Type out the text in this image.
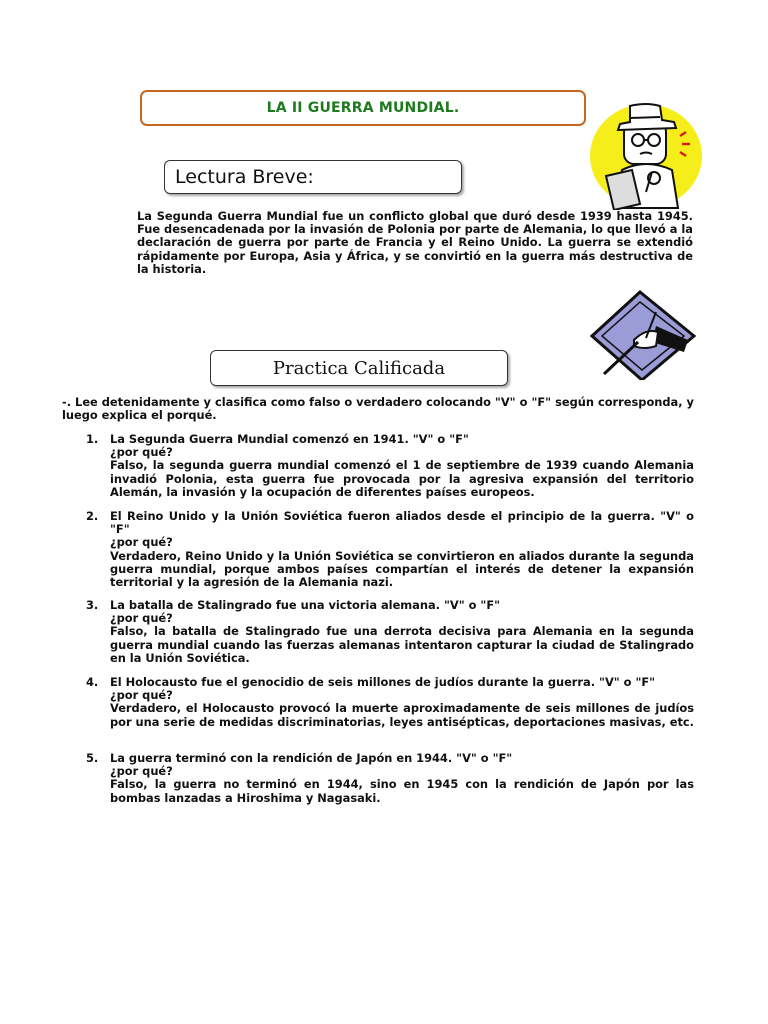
LA II GUERRA MUNDIAL.
Lectura Breve:
La Segunda Guerra Mundial fue un conflicto global que duró desde 1939 hasta 1945. Fue desencadenada por la invasión de Polonia por parte de Alemania, lo que llevó a la declaración de guerra por parte de Francia y el Reino Unido. La guerra se extendió rápidamente por Europa, Asia y África, y se convirtió en la guerra más destructiva de la historia.
Practica Calificada
-. Lee detenidamente y clasifica como falso o verdadero colocando "V" o "F" según corresponda, y luego explica el porqué.
1. La Segunda Guerra Mundial comenzó en 1941. "V" o "F"

¿por qué?

Falso, la segunda guerra mundial comenzó el 1 de septiembre de 1939 cuando Alemania invadió Polonia, esta guerra fue provocada por la agresiva expansión del territorio Alemán, la invasión y la ocupación de diferentes países europeos.

2. El Reino Unido y la Unión Soviética fueron aliados desde el principio de la guerra. "V" o "F"

¿por qué?

Verdadero, Reino Unido y la Unión Soviética se convirtieron en aliados durante la segunda guerra mundial, porque ambos países compartían el interés de detener la expansión territorial y la agresión de la Alemania nazi.

3. La batalla de Stalingrado fue una victoria alemana. "V" o "F"

¿por qué?

Falso, la batalla de Stalingrado fue una derrota decisiva para Alemania en la segunda guerra mundial cuando las fuerzas alemanas intentaron capturar la ciudad de Stalingrado en la Unión Soviética.

4. El Holocausto fue el genocidio de seis millones de judíos durante la guerra. "V" o "F"

¿por qué?

Verdadero, el Holocausto provocó la muerte aproximadamente de seis millones de judíos por una serie de medidas discriminatorias, leyes antisépticas, deportaciones masivas, etc.

5. La guerra terminó con la rendición de Japón en 1944. "V" o "F"

¿por qué?

Falso, la guerra no terminó en 1944, sino en 1945 con la rendición de Japón por las bombas lanzadas a Hiroshima y Nagasaki.
